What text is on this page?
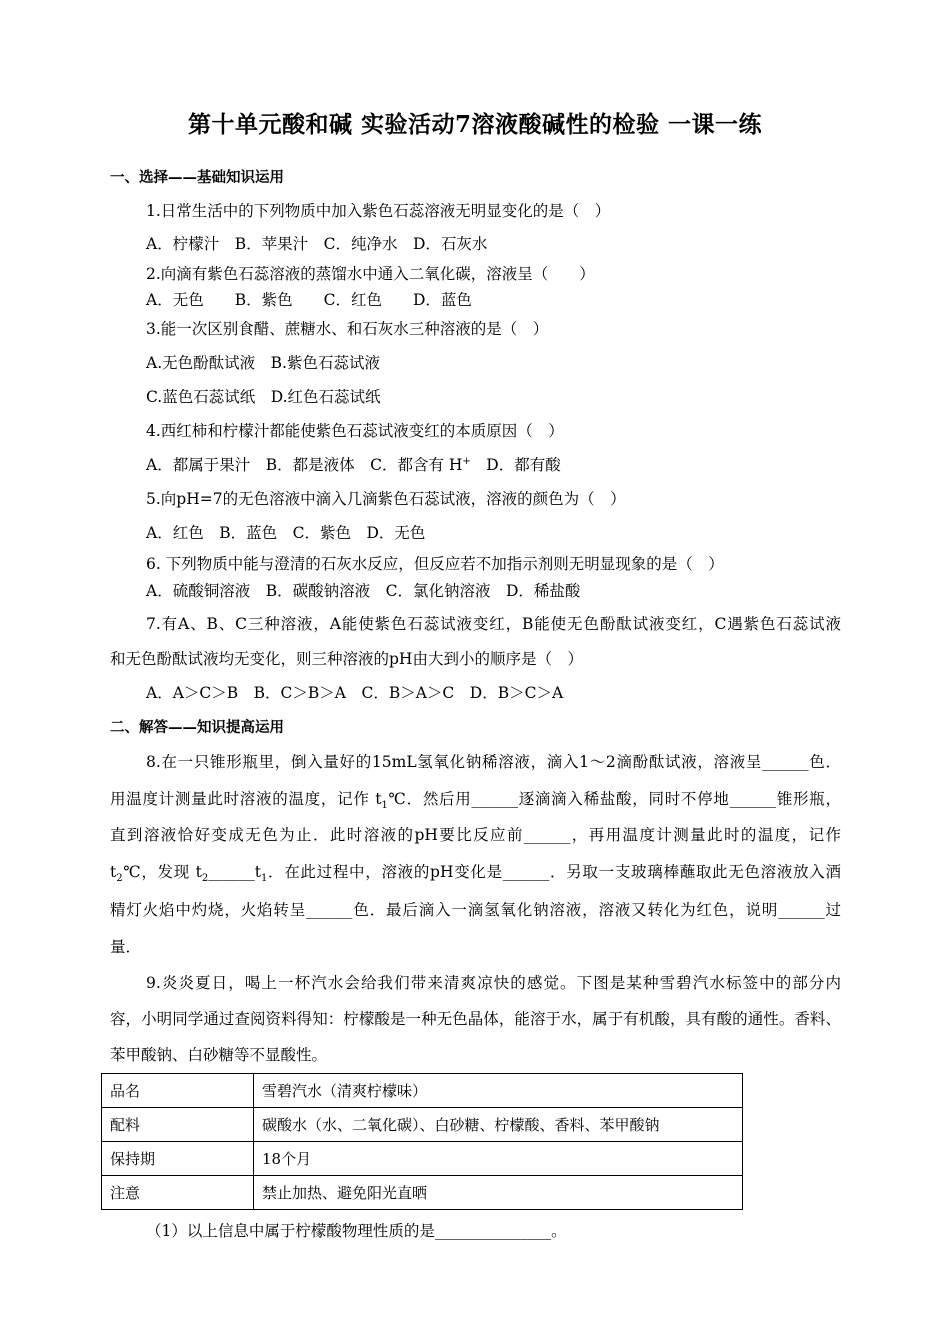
第十单元酸和碱 实验活动7溶液酸碱性的检验 一课一练
一、选择——基础知识运用
1.日常生活中的下列物质中加入紫色石蕊溶液无明显变化的是（　）
A．柠檬汁　B．苹果汁　C．纯净水　D．石灰水
2.向滴有紫色石蕊溶液的蒸馏水中通入二氧化碳，溶液呈（　　）
A．无色　　B．紫色　　C．红色　　D．蓝色
3.能一次区别食醋、蔗糖水、和石灰水三种溶液的是（　）
A.无色酚酞试液　B.紫色石蕊试液
C.蓝色石蕊试纸　D.红色石蕊试纸
4.西红柿和柠檬汁都能使紫色石蕊试液变红的本质原因（　）
A．都属于果汁　B．都是液体　C．都含有 H+　D．都有酸
5.向pH=7的无色溶液中滴入几滴紫色石蕊试液，溶液的颜色为（　）
A．红色　B．蓝色　C．紫色　D．无色
6. 下列物质中能与澄清的石灰水反应，但反应若不加指示剂则无明显现象的是（　）
A．硫酸铜溶液　B．碳酸钠溶液　C．氯化钠溶液　D．稀盐酸
7.有A、B、C三种溶液，A能使紫色石蕊试液变红，B能使无色酚酞试液变红，C遇紫色石蕊试液
和无色酚酞试液均无变化，则三种溶液的pH由大到小的顺序是（　）
A．A＞C＞B　B．C＞B＞A　C．B＞A＞C　D．B＞C＞A
二、解答——知识提高运用
8.在一只锥形瓶里，倒入量好的15mL氢氧化钠稀溶液，滴入1～2滴酚酞试液，溶液呈______色．
用温度计测量此时溶液的温度，记作 $t_1℃$．然后用______逐滴滴入稀盐酸，同时不停地______锥形瓶，
直到溶液恰好变成无色为止．此时溶液的pH要比反应前______，再用温度计测量此时的温度，记作
$t_2℃$，发现 $t_2\_\_\_\_\_\_t_1$．在此过程中，溶液的pH变化是______．另取一支玻璃棒蘸取此无色溶液放入酒
精灯火焰中灼烧，火焰转呈______色．最后滴入一滴氢氧化钠溶液，溶液又转化为红色，说明______过
量．
9.炎炎夏日，喝上一杯汽水会给我们带来清爽凉快的感觉。下图是某种雪碧汽水标签中的部分内
容，小明同学通过查阅资料得知：柠檬酸是一种无色晶体，能溶于水，属于有机酸，具有酸的通性。香料、
苯甲酸钠、白砂糖等不显酸性。
品名	雪碧汽水（清爽柠檬味）
配料	碳酸水（水、二氧化碳）、白砂糖、柠檬酸、香料、苯甲酸钠
保持期	18个月
注意	禁止加热、避免阳光直晒
（1）以上信息中属于柠檬酸物理性质的是_______________。
